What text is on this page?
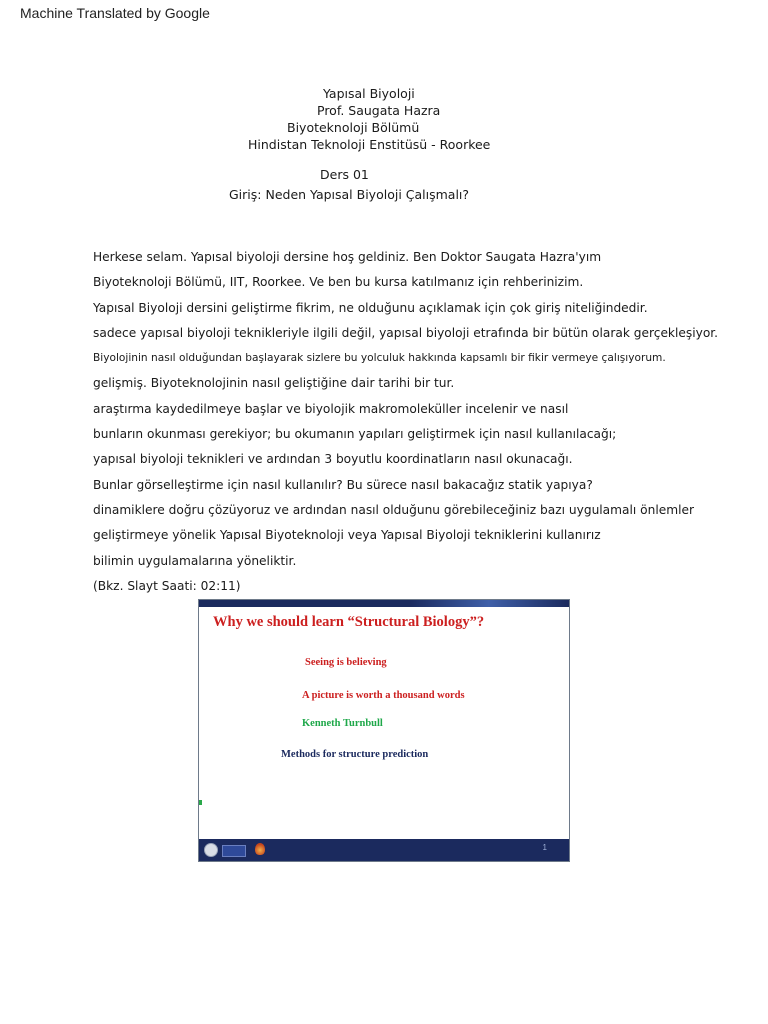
Machine Translated by Google
Yapısal Biyoloji
Prof. Saugata Hazra
Biyoteknoloji Bölümü
Hindistan Teknoloji Enstitüsü - Roorkee
Ders 01
Giriş: Neden Yapısal Biyoloji Çalışmalı?
Herkese selam. Yapısal biyoloji dersine hoş geldiniz. Ben Doktor Saugata Hazra'yım
Biyoteknoloji Bölümü, IIT, Roorkee. Ve ben bu kursa katılmanız için rehberinizim.
Yapısal Biyoloji dersini geliştirme fikrim, ne olduğunu açıklamak için çok giriş niteliğindedir.
sadece yapısal biyoloji teknikleriyle ilgili değil, yapısal biyoloji etrafında bir bütün olarak gerçekleşiyor.
Biyolojinin nasıl olduğundan başlayarak sizlere bu yolculuk hakkında kapsamlı bir fikir vermeye çalışıyorum.
gelişmiş. Biyoteknolojinin nasıl geliştiğine dair tarihi bir tur.
araştırma kaydedilmeye başlar ve biyolojik makromoleküller incelenir ve nasıl
bunların okunması gerekiyor; bu okumanın yapıları geliştirmek için nasıl kullanılacağı;
yapısal biyoloji teknikleri ve ardından 3 boyutlu koordinatların nasıl okunacağı.
Bunlar görselleştirme için nasıl kullanılır? Bu sürece nasıl bakacağız statik yapıya?
dinamiklere doğru çözüyoruz ve ardından nasıl olduğunu görebileceğiniz bazı uygulamalı önlemler
geliştirmeye yönelik Yapısal Biyoteknoloji veya Yapısal Biyoloji tekniklerini kullanırız
bilimin uygulamalarına yöneliktir.
(Bkz. Slayt Saati: 02:11)
Why we should learn “Structural Biology”?
Seeing is believing
A picture is worth a thousand words
Kenneth Turnbull
Methods for structure prediction
1
